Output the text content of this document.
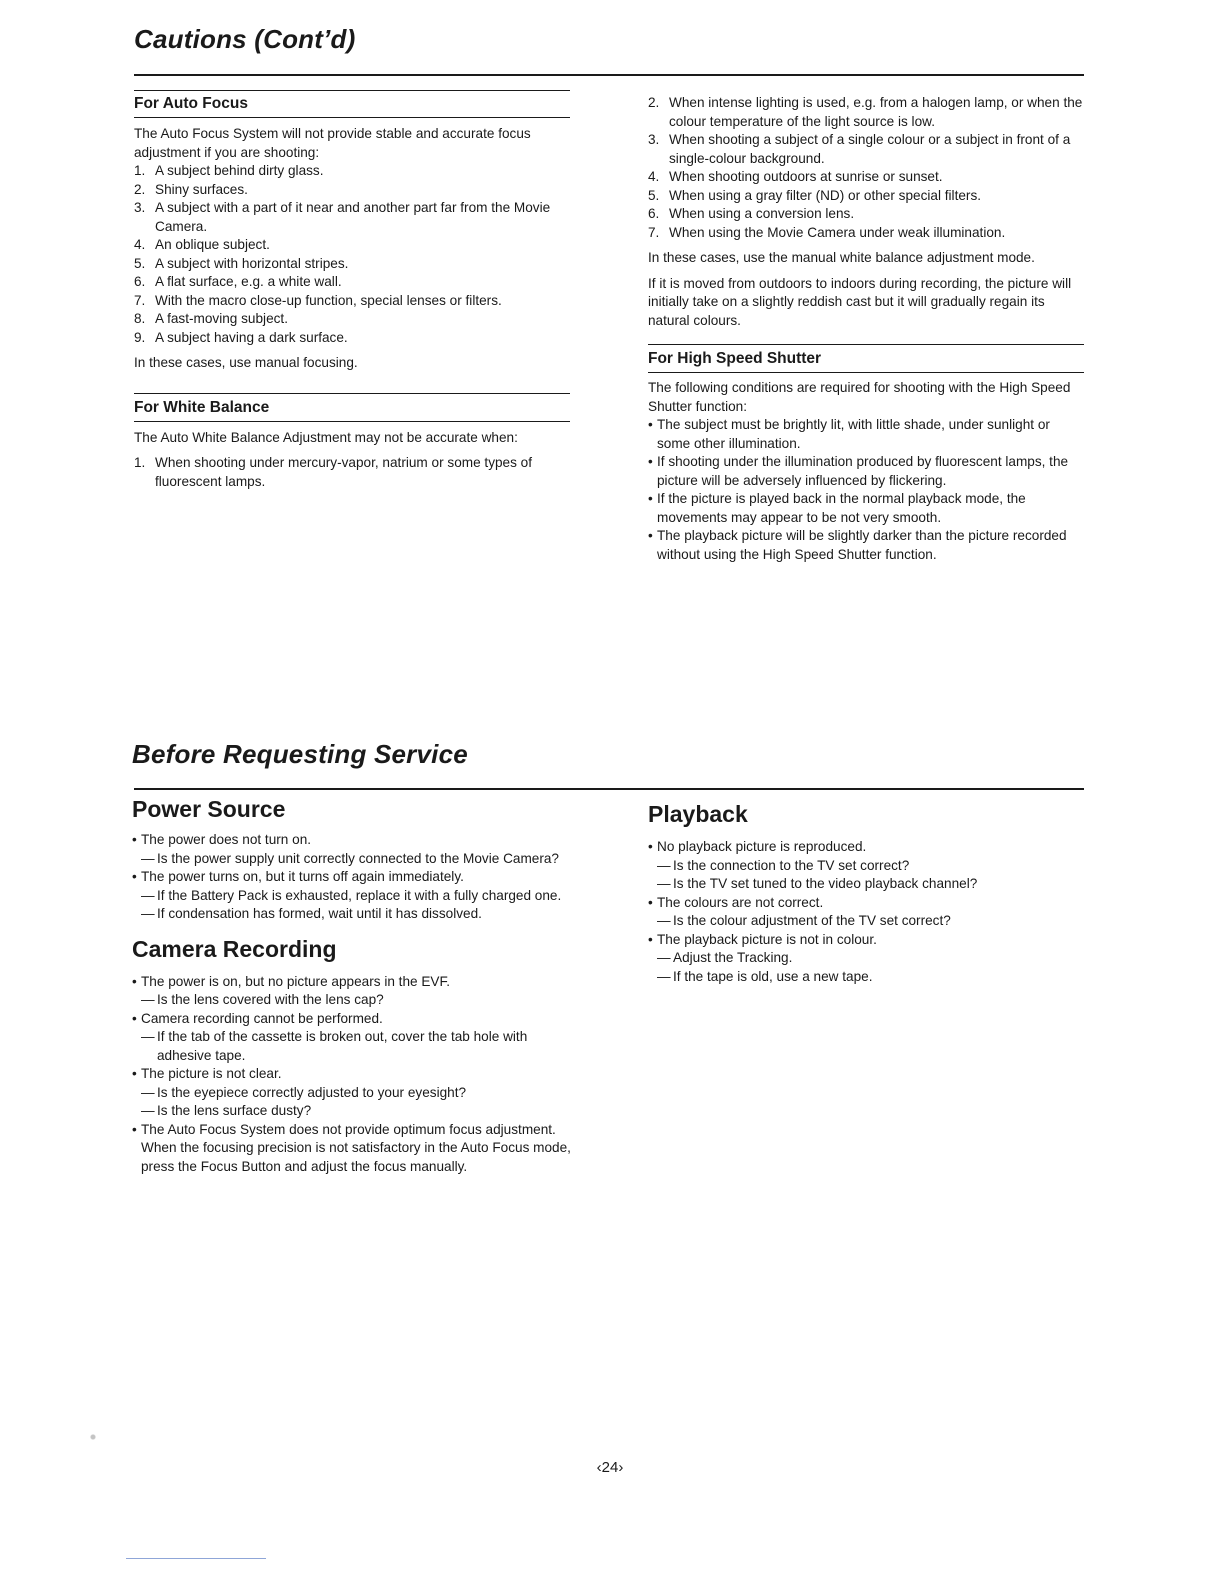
Cautions (Cont’d)
For Auto Focus

The Auto Focus System will not provide stable and accurate focus adjustment if you are shooting:

1. A subject behind dirty glass.
2. Shiny surfaces.
3. A subject with a part of it near and another part far from the Movie Camera.
4. An oblique subject.
5. A subject with horizontal stripes.
6. A flat surface, e.g. a white wall.
7. With the macro close-up function, special lenses or filters.
8. A fast-moving subject.
9. A subject having a dark surface.

In these cases, use manual focusing.

For White Balance

The Auto White Balance Adjustment may not be accurate when:

1. When shooting under mercury-vapor, natrium or some types of fluorescent lamps.
2. When intense lighting is used, e.g. from a halogen lamp, or when the colour temperature of the light source is low.
3. When shooting a subject of a single colour or a subject in front of a single-colour background.
4. When shooting outdoors at sunrise or sunset.
5. When using a gray filter (ND) or other special filters.
6. When using a conversion lens.
7. When using the Movie Camera under weak illumination.

In these cases, use the manual white balance adjustment mode.

If it is moved from outdoors to indoors during recording, the picture will initially take on a slightly reddish cast but it will gradually regain its natural colours.

For High Speed Shutter

The following conditions are required for shooting with the High Speed Shutter function:

• The subject must be brightly lit, with little shade, under sunlight or some other illumination.
• If shooting under the illumination produced by fluorescent lamps, the picture will be adversely influenced by flickering.
• If the picture is played back in the normal playback mode, the movements may appear to be not very smooth.
• The playback picture will be slightly darker than the picture recorded without using the High Speed Shutter function.
Before Requesting Service
Power Source
• The power does not turn on.
— Is the power supply unit correctly connected to the Movie Camera?
• The power turns on, but it turns off again immediately.
— If the Battery Pack is exhausted, replace it with a fully charged one.
— If condensation has formed, wait until it has dissolved.
Camera Recording
• The power is on, but no picture appears in the EVF.
— Is the lens covered with the lens cap?
• Camera recording cannot be performed.
— If the tab of the cassette is broken out, cover the tab hole with adhesive tape.
• The picture is not clear.
— Is the eyepiece correctly adjusted to your eyesight?
— Is the lens surface dusty?
• The Auto Focus System does not provide optimum focus adjustment.
When the focusing precision is not satisfactory in the Auto Focus mode, press the Focus Button and adjust the focus manually.
Playback
• No playback picture is reproduced.
— Is the connection to the TV set correct?
— Is the TV set tuned to the video playback channel?
• The colours are not correct.
— Is the colour adjustment of the TV set correct?
• The playback picture is not in colour.
— Adjust the Tracking.
— If the tape is old, use a new tape.
‹24›
